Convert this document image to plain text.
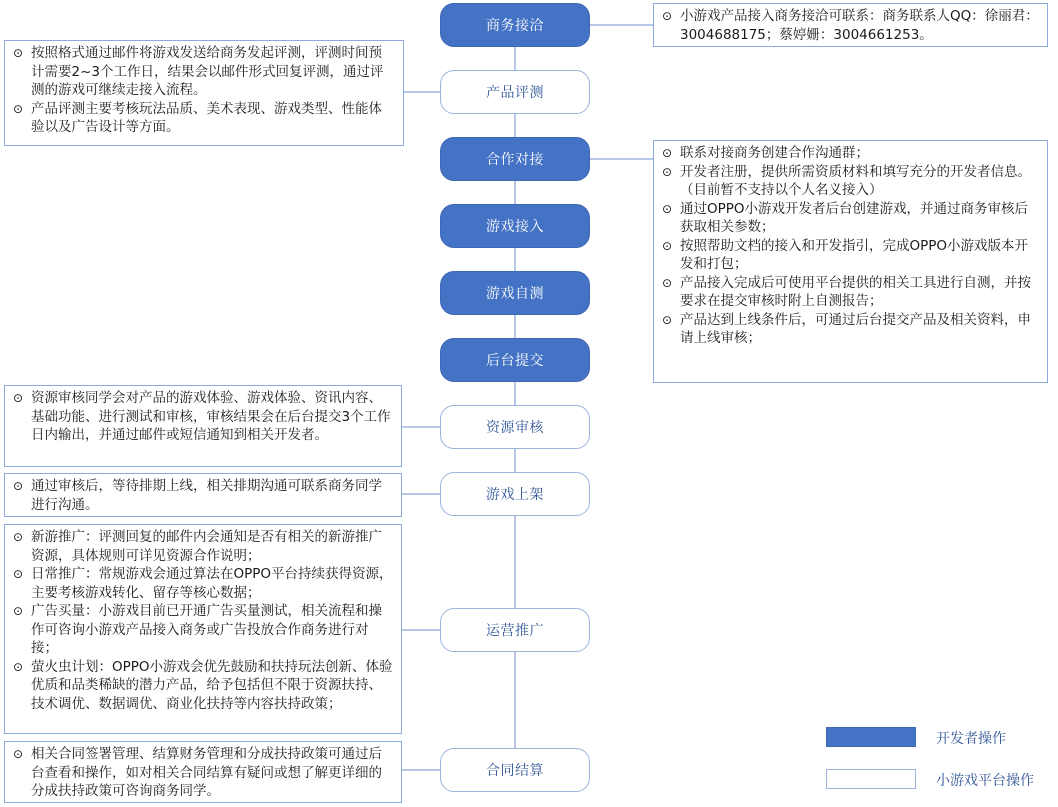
商务接洽
产品评测
合作对接
游戏接入
游戏自测
后台提交
资源审核
游戏上架
运营推广
合同结算
⊙ 小游戏产品接入商务接洽可联系：商务联系人QQ：徐丽君：3004688175；蔡婷姗：3004661253。
⊙ 按照格式通过邮件将游戏发送给商务发起评测，评测时间预计需要2~3个工作日，结果会以邮件形式回复评测，通过评测的游戏可继续走接入流程。
⊙ 产品评测主要考核玩法品质、美术表现、游戏类型、性能体验以及广告设计等方面。
⊙ 联系对接商务创建合作沟通群；
⊙ 开发者注册，提供所需资质材料和填写充分的开发者信息。（目前暂不支持以个人名义接入）
⊙ 通过OPPO小游戏开发者后台创建游戏，并通过商务审核后获取相关参数；
⊙ 按照帮助文档的接入和开发指引，完成OPPO小游戏版本开发和打包；
⊙ 产品接入完成后可使用平台提供的相关工具进行自测，并按要求在提交审核时附上自测报告；
⊙ 产品达到上线条件后，可通过后台提交产品及相关资料，申请上线审核；
⊙ 资源审核同学会对产品的游戏体验、游戏体验、资讯内容、基础功能、进行测试和审核，审核结果会在后台提交3个工作日内输出，并通过邮件或短信通知到相关开发者。
⊙ 通过审核后，等待排期上线，相关排期沟通可联系商务同学进行沟通。
⊙ 新游推广：评测回复的邮件内会通知是否有相关的新游推广资源，具体规则可详见资源合作说明；
⊙ 日常推广：常规游戏会通过算法在OPPO平台持续获得资源，主要考核游戏转化、留存等核心数据；
⊙ 广告买量：小游戏目前已开通广告买量测试，相关流程和操作可咨询小游戏产品接入商务或广告投放合作商务进行对接；
⊙ 萤火虫计划：OPPO小游戏会优先鼓励和扶持玩法创新、体验优质和品类稀缺的潜力产品，给予包括但不限于资源扶持、技术调优、数据调优、商业化扶持等内容扶持政策；
⊙ 相关合同签署管理、结算财务管理和分成扶持政策可通过后台查看和操作，如对相关合同结算有疑问或想了解更详细的分成扶持政策可咨询商务同学。
开发者操作
小游戏平台操作
